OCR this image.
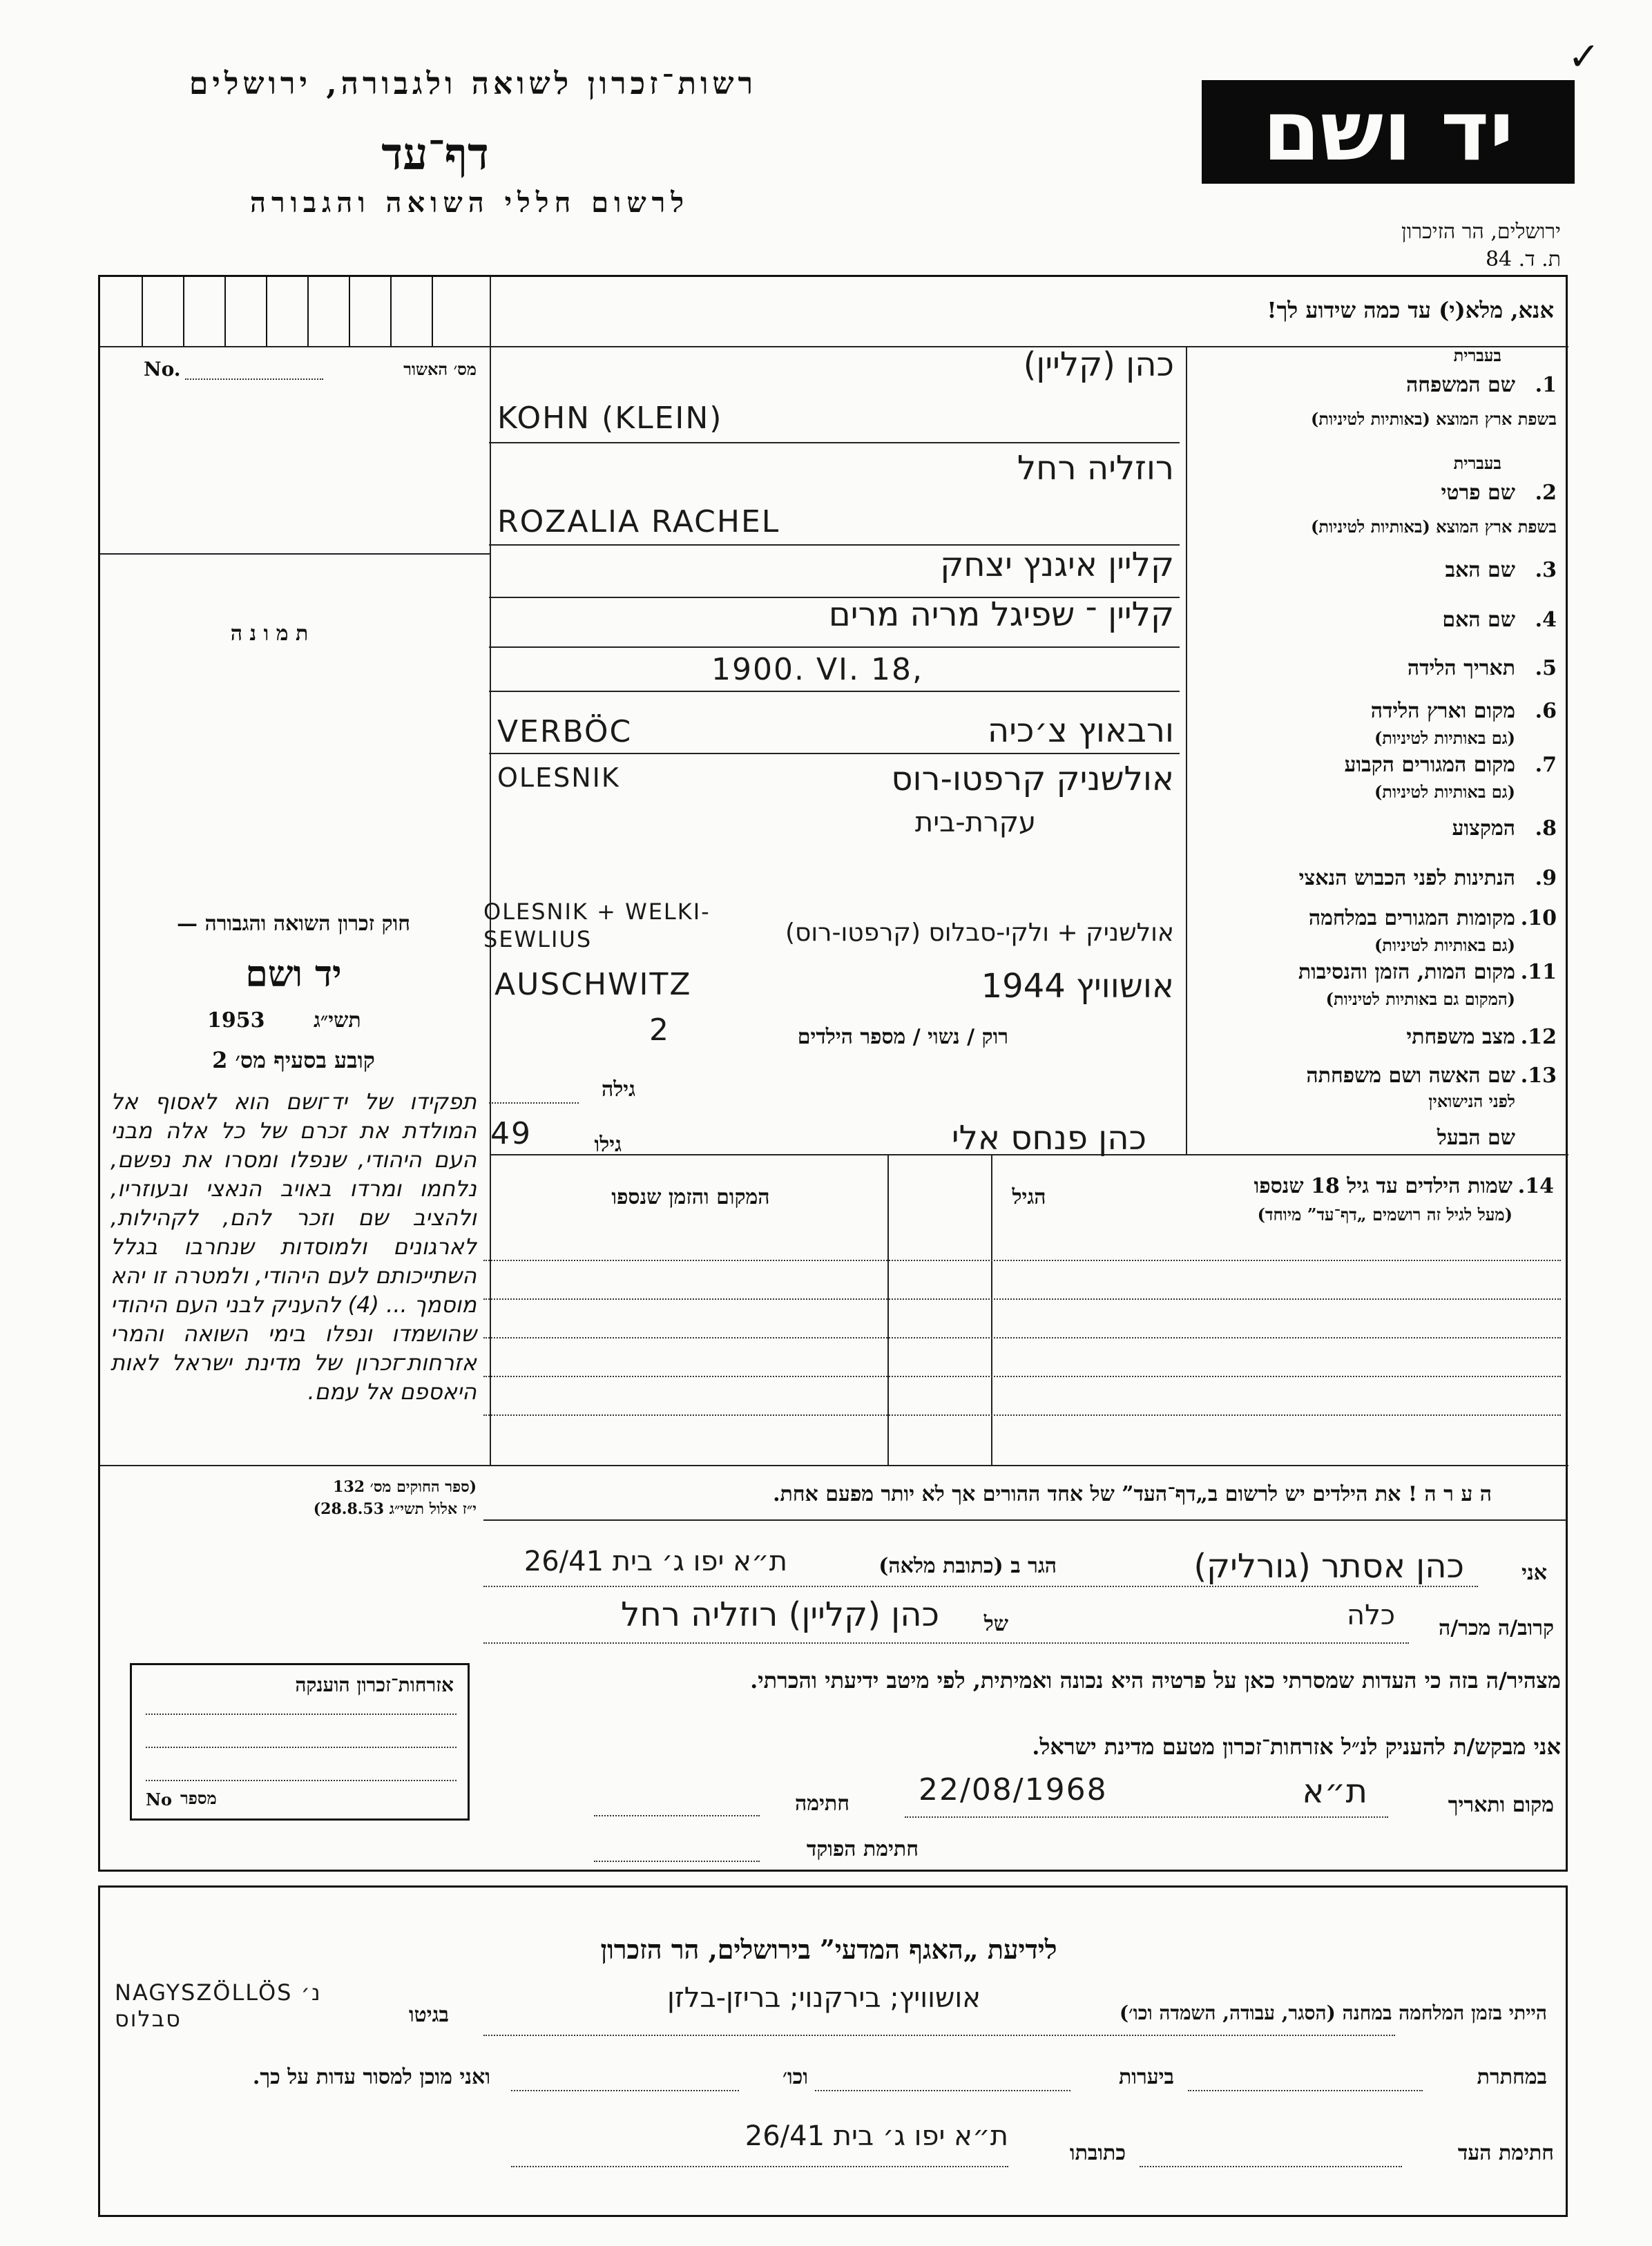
רשות־זכרון לשואה ולגבורה, ירושלים
דף־עד
לרשום חללי השואה והגבורה
יד ושם
✓
ירושלים, הר הזיכרון
ת. ד. 84
אנא, מלא(י) עד כמה שידוע לך!
No.	מס׳ האשור
ת מ ו נ ה
בעברית
שם המשפחה 1.
בשפת ארץ המוצא (באותיות לטיניות)
כהן (קליין)
KOHN (KLEIN)
בעברית
שם פרטי 2.
בשפת ארץ המוצא (באותיות לטיניות)
רוזליה רחל
ROZALIA RACHEL
שם האב 3.
קליין איגנץ יצחק
שם האם 4.
קליין ־ שפיגל מריה מרים
תאריך הלידה 5.
1900. VI. 18,
מקום וארץ הלידה 6.
(גם באותיות לטיניות)
ורבאוץ צ׳כיה
VERBÖC
מקום המגורים הקבוע 7.
(גם באותיות לטיניות)
אולשניק קרפטו-רוס
OLESNIK
המקצוע 8.
עקרת-בית
הנתינות לפני הכבוש הנאצי 9.
מקומות המגורים במלחמה 10.
(גם באותיות לטיניות)
אולשניק + ולקי-סבלוס (קרפטו-רוס)
OLESNIK + WELKI-SEWLIUS
מקום המות, הזמן והנסיבות 11.
(המקום גם באותיות לטיניות)
אושוויץ 1944
AUSCHWITZ
מצב משפחתי 12.
רוק / נשוי / מספר הילדים
2
שם האשה ושם משפחתה 13.
לפני הנישואין
גילה
שם הבעל
גילו
49	כהן פנחס אלי
שמות הילדים עד גיל 18 שנספו 14.
(מעל לגיל זה רושמים „דף־עד” מיוחד)
הגיל
המקום והזמן שנספו
חוק זכרון השואה והגבורה —
יד ושם
1953 תשי״ג
קובע בסעיף מס׳ 2
תפקידו של יד־ושם הוא לאסוף אל המולדת את זכרם של כל אלה מבני העם היהודי, שנפלו ומסרו את נפשם, נלחמו ומרדו באויב הנאצי ובעוזריו, ולהציב שם וזכר להם, לקהילות, לארגונים ולמוסדות שנחרבו בגלל השתייכותם לעם היהודי, ולמטרה זו יהא מוסמך ... (4) להעניק לבני העם היהודי שהושמדו ונפלו בימי השואה והמרי אזרחות־זכרון של מדינת ישראל לאות היאספם אל עמם.
(ספר החוקים מס׳ 132
י״ז אלול תשי״ג 28.8.53)
ה ע ר ה ! את הילדים יש לרשום ב„דף־העד” של אחד ההורים אך לא יותר מפעם אחת.
אני
כהן אסתר (גורליק)
הגר ב (כתובת מלאה)
ת״א יפו ג׳ בית 26/41
קרוב/ה מכר/ה
כלה
של
כהן (קליין) רוזליה רחל
מצהיר/ה בזה כי העדות שמסרתי כאן על פרטיה היא נכונה ואמיתית, לפי מיטב ידיעתי והכרתי.
אני מבקש/ת להעניק לנ״ל אזרחות־זכרון מטעם מדינת ישראל.
מקום ותאריך
ת״א
22/08/1968
חתימה
חתימת הפוקד
אזרחות־זכרון הוענקה
No מספר
לידיעת „האגף המדעי” בירושלים, הר הזכרון
הייתי בזמן המלחמה במחנה (הסגר, עבודה, השמדה וכו׳)
אושוויץ; בירקנוי; בריזן-בלזן
בגיטו
NAGYSZÖLLÖS נ׳ סבלוס
במחתרת
ביערות
וכו׳
ואני מוכן למסור עדות על כך.
חתימת העד
כתובתו
ת״א יפו ג׳ בית 26/41
